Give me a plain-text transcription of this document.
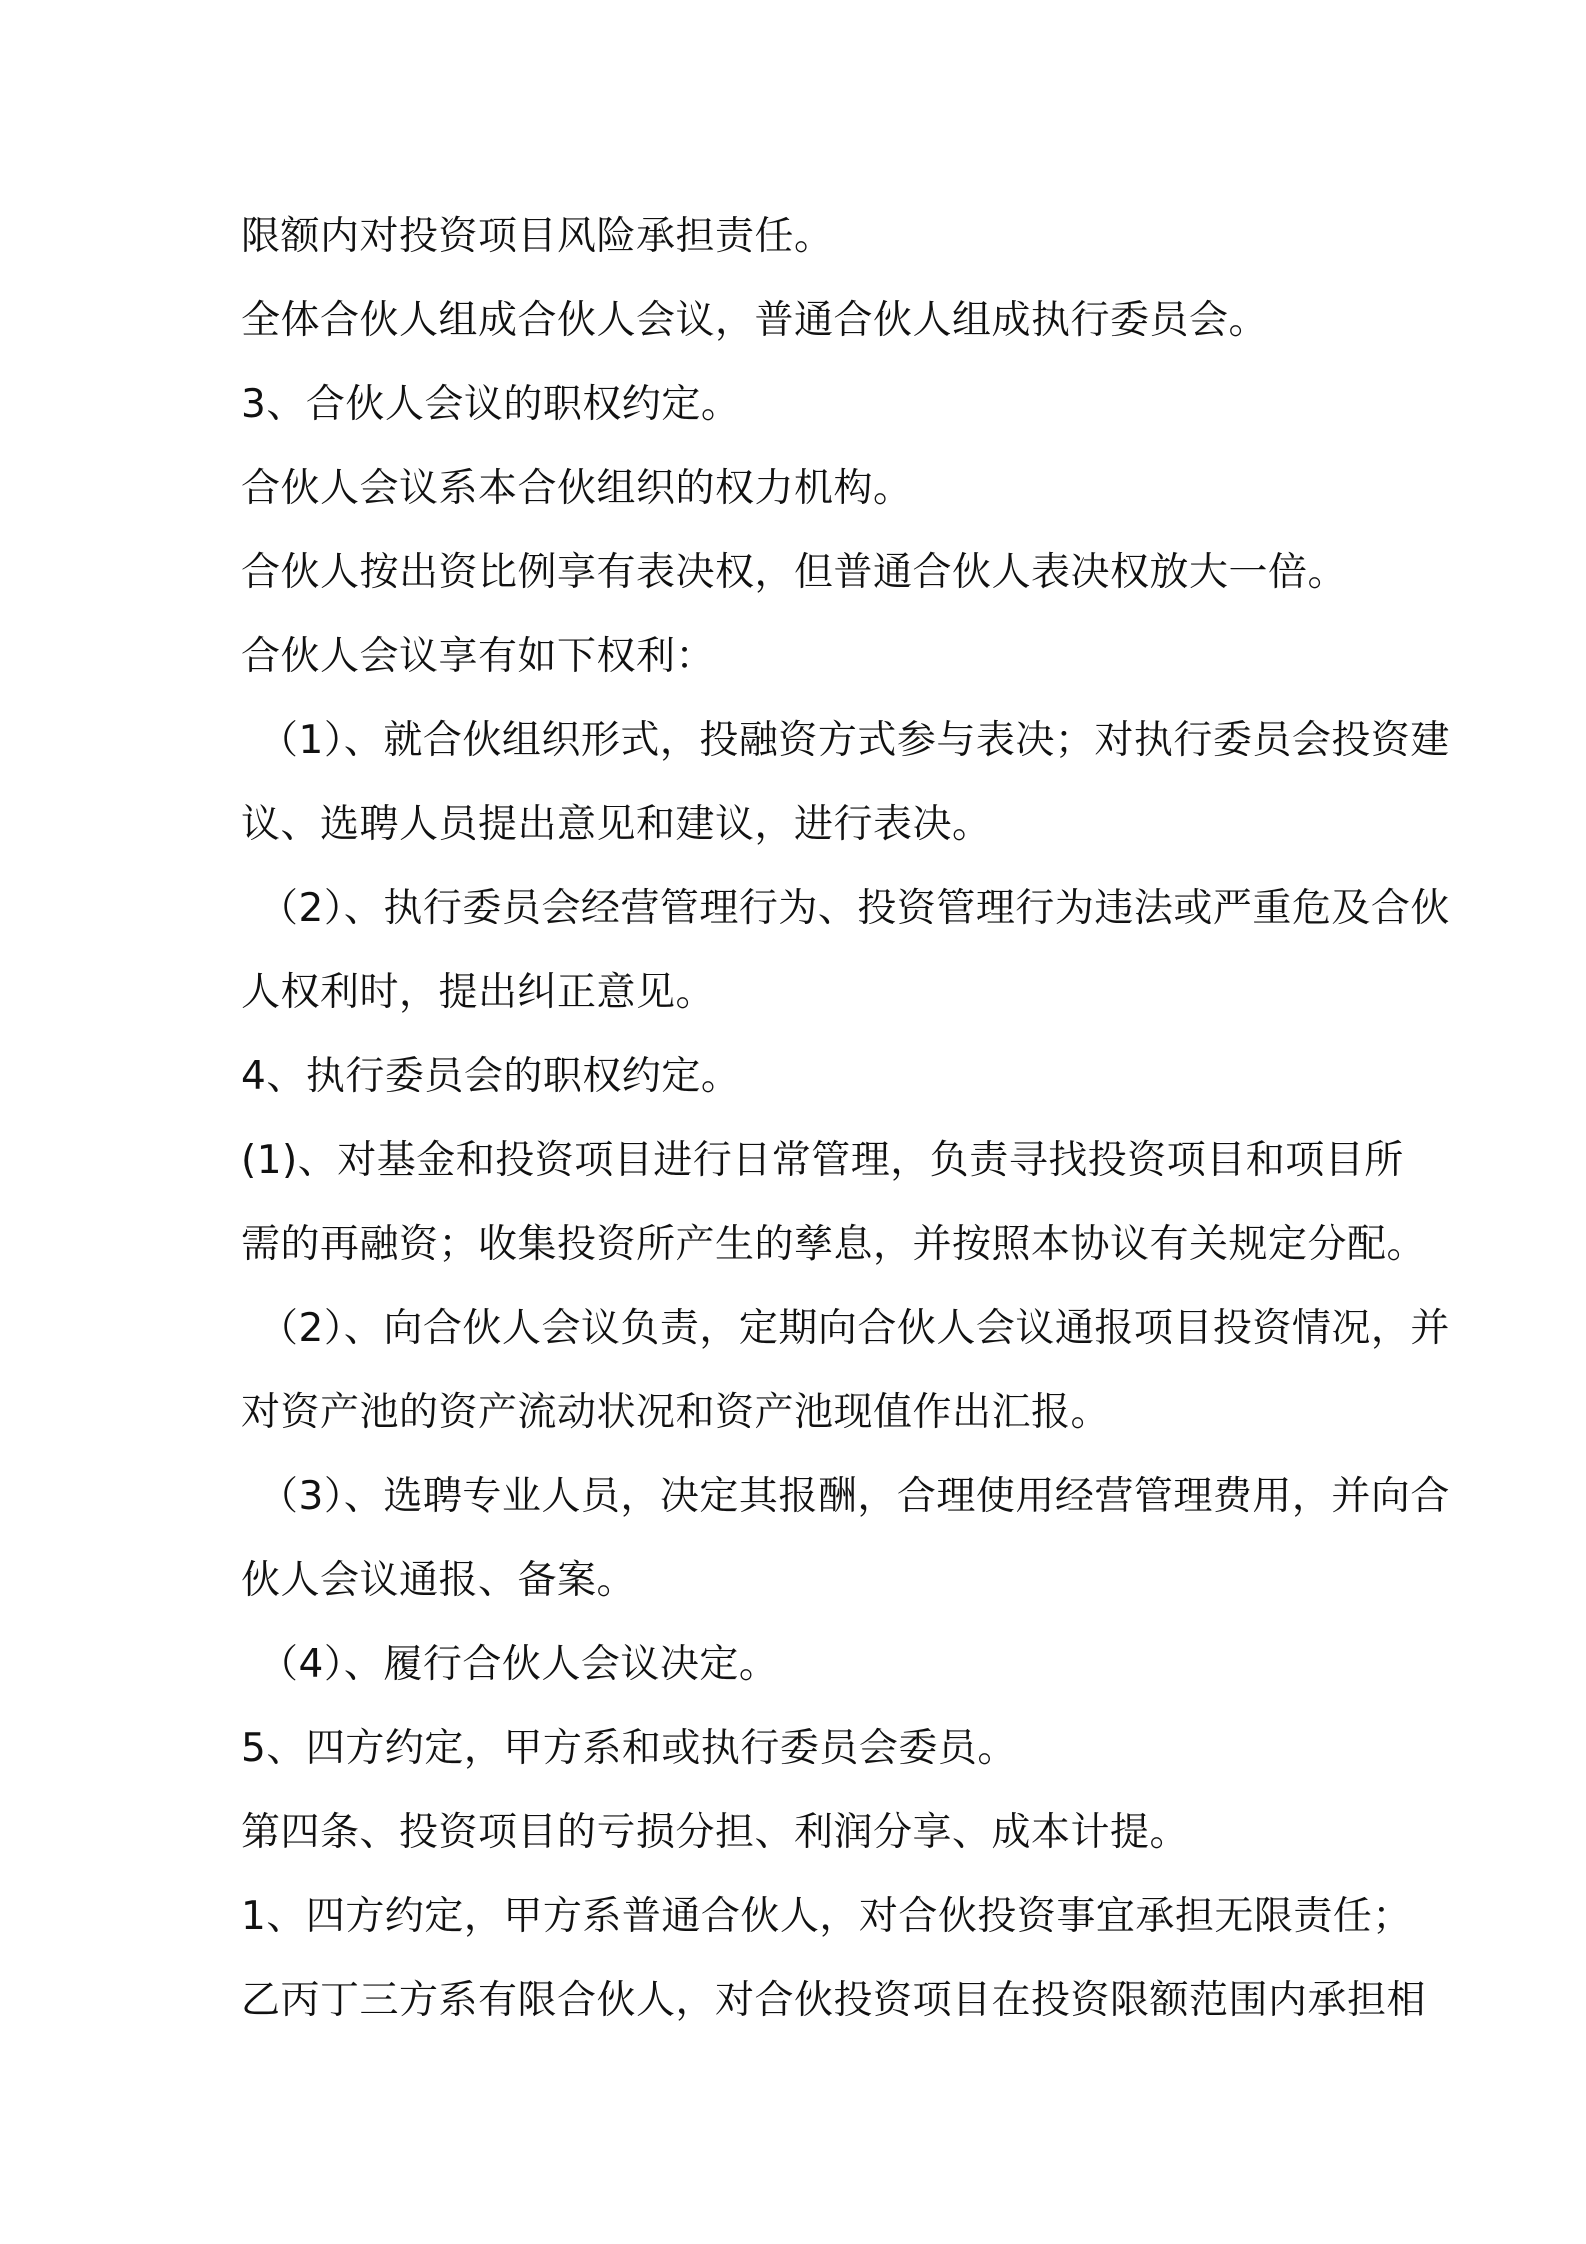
限额内对投资项目风险承担责任。
全体合伙人组成合伙人会议，普通合伙人组成执行委员会。
3、合伙人会议的职权约定。
合伙人会议系本合伙组织的权力机构。
合伙人按出资比例享有表决权，但普通合伙人表决权放大一倍。
合伙人会议享有如下权利：
（1）、就合伙组织形式，投融资方式参与表决；对执行委员会投资建
议、选聘人员提出意见和建议，进行表决。
（2）、执行委员会经营管理行为、投资管理行为违法或严重危及合伙
人权利时，提出纠正意见。
4、执行委员会的职权约定。
(1)、对基金和投资项目进行日常管理，负责寻找投资项目和项目所
需的再融资；收集投资所产生的孳息，并按照本协议有关规定分配。
（2）、向合伙人会议负责，定期向合伙人会议通报项目投资情况，并
对资产池的资产流动状况和资产池现值作出汇报。
（3）、选聘专业人员，决定其报酬，合理使用经营管理费用，并向合
伙人会议通报、备案。
（4）、履行合伙人会议决定。
5、四方约定，甲方系和或执行委员会委员。
第四条、投资项目的亏损分担、利润分享、成本计提。
1、四方约定，甲方系普通合伙人，对合伙投资事宜承担无限责任；
乙丙丁三方系有限合伙人，对合伙投资项目在投资限额范围内承担相
